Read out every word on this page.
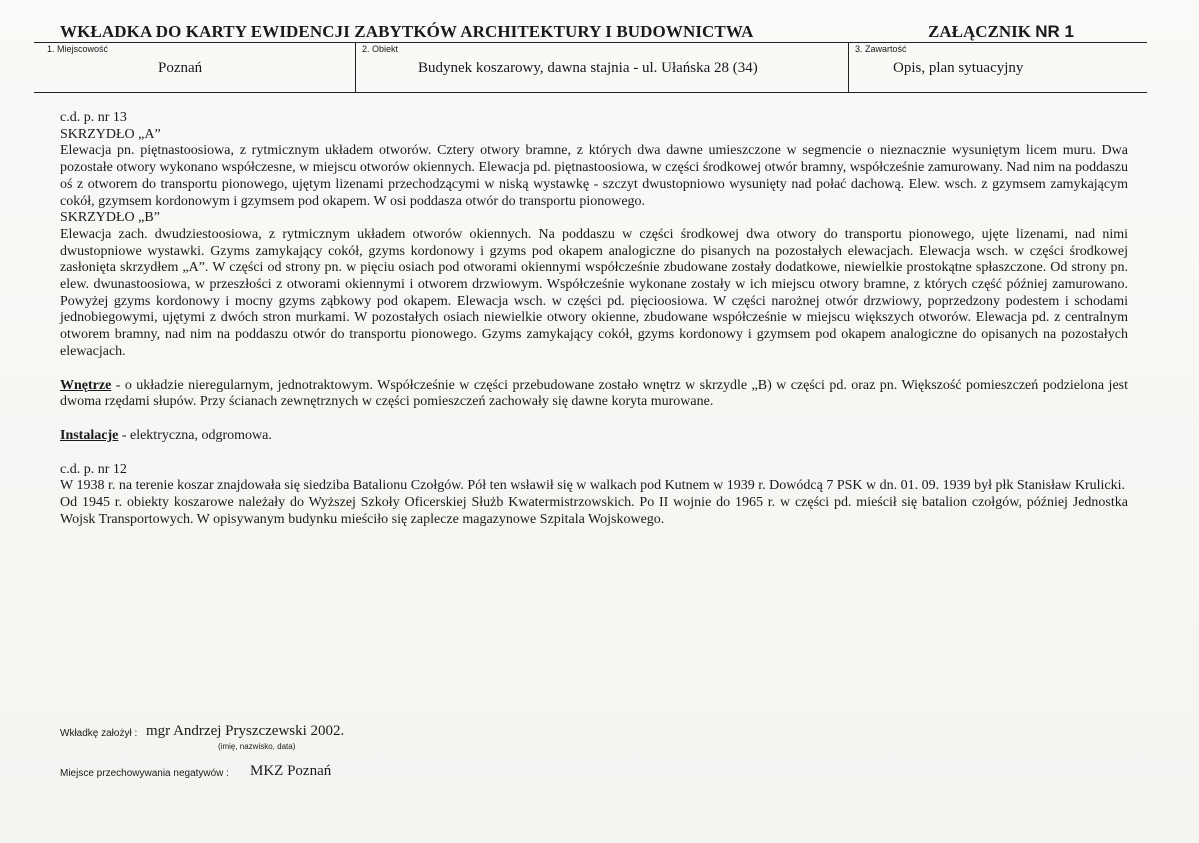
WKŁADKA DO KARTY EWIDENCJI ZABYTKÓW ARCHITEKTURY I BUDOWNICTWA	ZAŁĄCZNIK NR 1
1. Miejscowość
Poznań
2. Obiekt
Budynek koszarowy, dawna stajnia - ul. Ułańska 28 (34)
3. Zawartość
Opis, plan sytuacyjny

c.d. p. nr 13

SKRZYDŁO „A”

Elewacja pn. piętnastoosiowa, z rytmicznym układem otworów. Cztery otwory bramne, z których dwa dawne umieszczone w segmencie o nieznacznie wysuniętym licem muru. Dwa pozostałe otwory wykonano współczesne, w miejscu otworów okiennych. Elewacja pd. piętnastoosiowa, w części środkowej otwór bramny, współcześnie zamurowany. Nad nim na poddaszu oś z otworem do transportu pionowego, ujętym lizenami przechodzącymi w niską wystawkę - szczyt dwustopniowo wysunięty nad połać dachową. Elew. wsch. z gzymsem zamykającym cokół, gzymsem kordonowym i gzymsem pod okapem. W osi poddasza otwór do transportu pionowego.

SKRZYDŁO „B”

Elewacja zach. dwudziestoosiowa, z rytmicznym układem otworów okiennych. Na poddaszu w części środkowej dwa otwory do transportu pionowego, ujęte lizenami, nad nimi dwustopniowe wystawki. Gzyms zamykający cokół, gzyms kordonowy i gzyms pod okapem analogiczne do pisanych na pozostałych elewacjach. Elewacja wsch. w części środkowej zasłonięta skrzydłem „A”. W części od strony pn. w pięciu osiach pod otworami okiennymi współcześnie zbudowane zostały dodatkowe, niewielkie prostokątne spłaszczone. Od strony pn. elew. dwunastoosiowa, w przeszłości z otworami okiennymi i otworem drzwiowym. Współcześnie wykonane zostały w ich miejscu otwory bramne, z których część później zamurowano. Powyżej gzyms kordonowy i mocny gzyms ząbkowy pod okapem. Elewacja wsch. w części pd. pięcioosiowa. W części narożnej otwór drzwiowy, poprzedzony podestem i schodami jednobiegowymi, ujętymi z dwóch stron murkami. W pozostałych osiach niewielkie otwory okienne, zbudowane współcześnie w miejscu większych otworów. Elewacja pd. z centralnym otworem bramny, nad nim na poddaszu otwór do transportu pionowego. Gzyms zamykający cokół, gzyms kordonowy i gzymsem pod okapem analogiczne do opisanych na pozostałych elewacjach.

Wnętrze - o układzie nieregularnym, jednotraktowym. Współcześnie w części przebudowane zostało wnętrz w skrzydle „B) w części pd. oraz pn. Większość pomieszczeń podzielona jest dwoma rzędami słupów. Przy ścianach zewnętrznych w części pomieszczeń zachowały się dawne koryta murowane.

Instalacje - elektryczna, odgromowa.

c.d. p. nr 12

W 1938 r. na terenie koszar znajdowała się siedziba Batalionu Czołgów. Pół ten wsławił się w walkach pod Kutnem w 1939 r. Dowódcą 7 PSK w dn. 01. 09. 1939 był płk Stanisław Krulicki.

Od 1945 r. obiekty koszarowe należały do Wyższej Szkoły Oficerskiej Służb Kwatermistrzowskich. Po II wojnie do 1965 r. w części pd. mieścił się batalion czołgów, później Jednostka Wojsk Transportowych. W opisywanym budynku mieściło się zaplecze magazynowe Szpitala Wojskowego.

Wkładkę założył : mgr Andrzej Pryszczewski 2002.
(imię, nazwisko, data)
Miejsce przechowywania negatywów : MKZ Poznań
